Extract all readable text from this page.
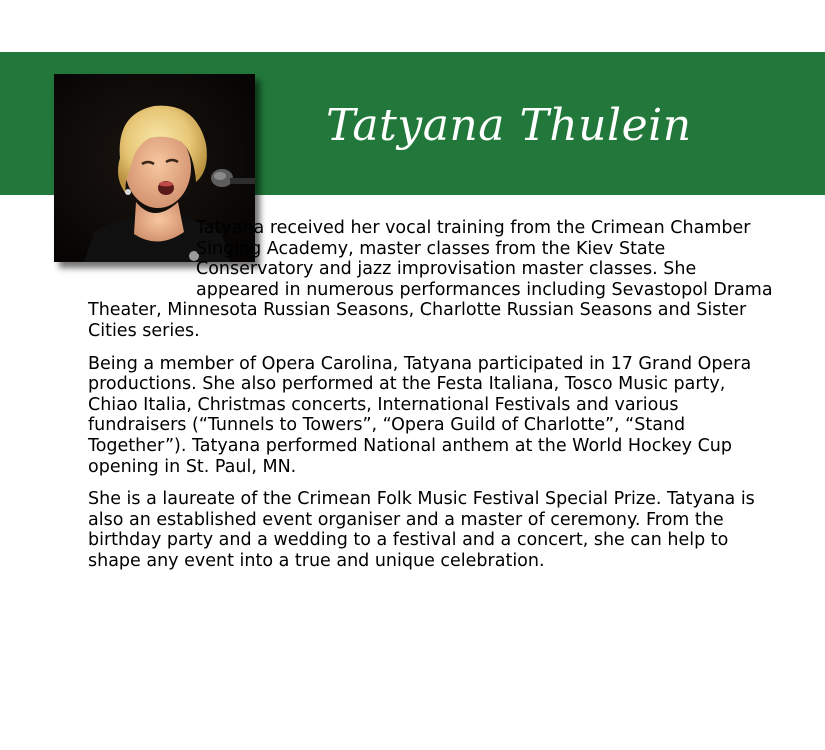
Tatyana Thulein

Tatyana received her vocal training from the Crimean Chamber Singing Academy, master classes from the Kiev State Conservatory and jazz improvisation master classes. She appeared in numerous performances including Sevastopol Drama Theater, Minnesota Russian Seasons, Charlotte Russian Seasons and Sister Cities series.

Being a member of Opera Carolina, Tatyana participated in 17 Grand Opera productions. She also performed at the Festa Italiana, Tosco Music party, Chiao Italia, Christmas concerts, International Festivals and various fundraisers (“Tunnels to Towers”, “Opera Guild of Charlotte”, “Stand Together”). Tatyana performed National anthem at the World Hockey Cup opening in St. Paul, MN.

She is a laureate of the Crimean Folk Music Festival Special Prize. Tatyana is also an established event organiser and a master of ceremony. From the birthday party and a wedding to a festival and a concert, she can help to shape any event into a true and unique celebration.
